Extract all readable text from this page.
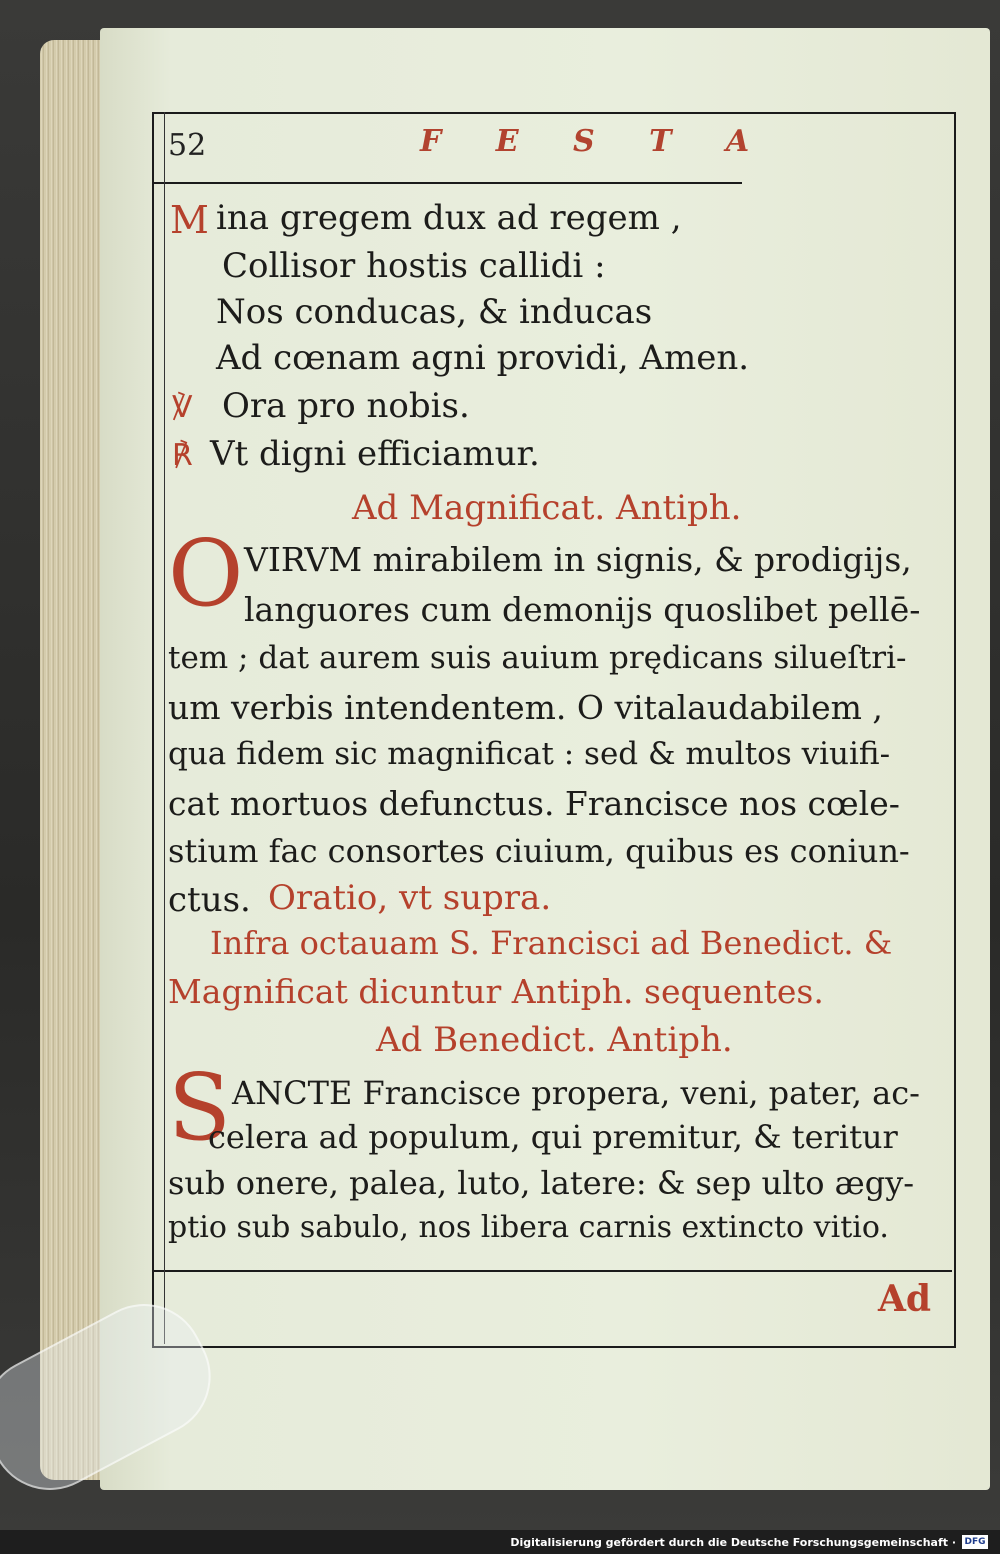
52	F E S T A
M ina gregem dux ad regem ,
Collisor hostis callidi :
Nos conducas, & inducas
Ad cœnam agni providi, Amen.
℣ Ora pro nobis.
℟ Vt digni efficiamur.
Ad Magnificat. Antiph.
O VIRVM mirabilem in signis, & prodigijs,
languores cum demonijs quoslibet pellē-
tem ; dat aurem suis auium prędicans silueſtri-
um verbis intendentem. O vitalaudabilem ,
qua fidem sic magnificat : sed & multos viuifi-
cat mortuos defunctus. Francisce nos cœle-
stium fac consortes ciuium, quibus es coniun-
ctus. Oratio, vt supra.
Infra octauam S. Francisci ad Benedict. &
Magnificat dicuntur Antiph. sequentes.
Ad Benedict. Antiph.
S ANCTE Francisce propera, veni, pater, ac-
celera ad populum, qui premitur, & teritur
sub onere, palea, luto, latere: & sep ulto ægy-
ptio sub sabulo, nos libera carnis extincto vitio.
Ad
Digitalisierung gefördert durch die Deutsche Forschungsgemeinschaft · DFG
